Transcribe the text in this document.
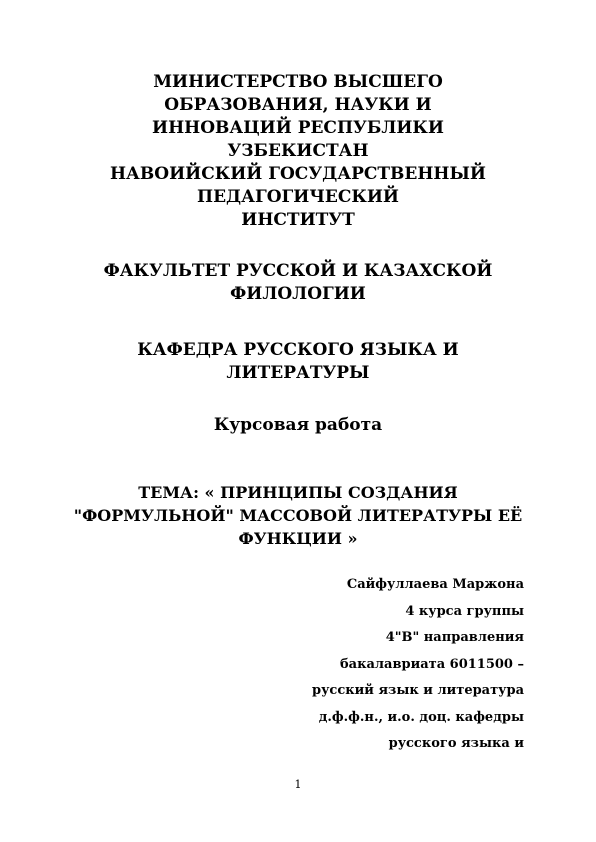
МИНИСТЕРСТВО ВЫСШЕГО
ОБРАЗОВАНИЯ, НАУКИ И
ИННОВАЦИЙ РЕСПУБЛИКИ
УЗБЕКИСТАН
НАВОИЙСКИЙ ГОСУДАРСТВЕННЫЙ
ПЕДАГОГИЧЕСКИЙ
ИНСТИТУТ
ФАКУЛЬТЕТ РУССКОЙ И КАЗАХСКОЙ
ФИЛОЛОГИИ
КАФЕДРА РУССКОГО ЯЗЫКА И
ЛИТЕРАТУРЫ
Курсовая работа
ТЕМА: « ПРИНЦИПЫ СОЗДАНИЯ
"ФОРМУЛЬНОЙ" МАССОВОЙ ЛИТЕРАТУРЫ ЕЁ
ФУНКЦИИ »
Сайфуллаева Маржона
4 курса группы
4"В" направления
бакалавриата 6011500 –
русский язык и литература
д.ф.ф.н., и.о. доц. кафедры
русского языка и
1
